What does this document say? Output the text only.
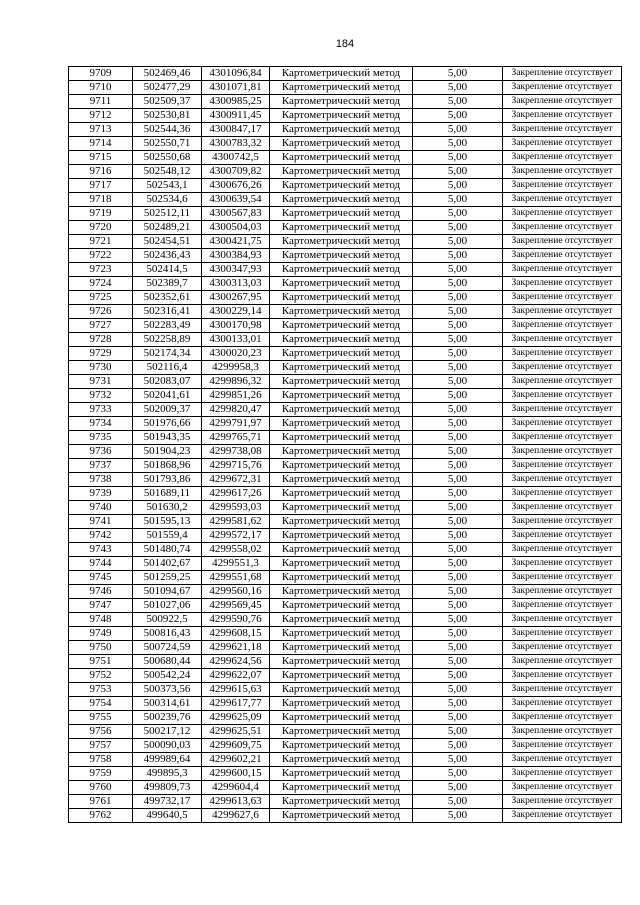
184
9709	502469,46	4301096,84	Картометрический метод	5,00	Закрепление отсутствует
9710	502477,29	4301071,81	Картометрический метод	5,00	Закрепление отсутствует
9711	502509,37	4300985,25	Картометрический метод	5,00	Закрепление отсутствует
9712	502530,81	4300911,45	Картометрический метод	5,00	Закрепление отсутствует
9713	502544,36	4300847,17	Картометрический метод	5,00	Закрепление отсутствует
9714	502550,71	4300783,32	Картометрический метод	5,00	Закрепление отсутствует
9715	502550,68	4300742,5	Картометрический метод	5,00	Закрепление отсутствует
9716	502548,12	4300709,82	Картометрический метод	5,00	Закрепление отсутствует
9717	502543,1	4300676,26	Картометрический метод	5,00	Закрепление отсутствует
9718	502534,6	4300639,54	Картометрический метод	5,00	Закрепление отсутствует
9719	502512,11	4300567,83	Картометрический метод	5,00	Закрепление отсутствует
9720	502489,21	4300504,03	Картометрический метод	5,00	Закрепление отсутствует
9721	502454,51	4300421,75	Картометрический метод	5,00	Закрепление отсутствует
9722	502436,43	4300384,93	Картометрический метод	5,00	Закрепление отсутствует
9723	502414,5	4300347,93	Картометрический метод	5,00	Закрепление отсутствует
9724	502389,7	4300313,03	Картометрический метод	5,00	Закрепление отсутствует
9725	502352,61	4300267,95	Картометрический метод	5,00	Закрепление отсутствует
9726	502316,41	4300229,14	Картометрический метод	5,00	Закрепление отсутствует
9727	502283,49	4300170,98	Картометрический метод	5,00	Закрепление отсутствует
9728	502258,89	4300133,01	Картометрический метод	5,00	Закрепление отсутствует
9729	502174,34	4300020,23	Картометрический метод	5,00	Закрепление отсутствует
9730	502116,4	4299958,3	Картометрический метод	5,00	Закрепление отсутствует
9731	502083,07	4299896,32	Картометрический метод	5,00	Закрепление отсутствует
9732	502041,61	4299851,26	Картометрический метод	5,00	Закрепление отсутствует
9733	502009,37	4299820,47	Картометрический метод	5,00	Закрепление отсутствует
9734	501976,66	4299791,97	Картометрический метод	5,00	Закрепление отсутствует
9735	501943,35	4299765,71	Картометрический метод	5,00	Закрепление отсутствует
9736	501904,23	4299738,08	Картометрический метод	5,00	Закрепление отсутствует
9737	501868,96	4299715,76	Картометрический метод	5,00	Закрепление отсутствует
9738	501793,86	4299672,31	Картометрический метод	5,00	Закрепление отсутствует
9739	501689,11	4299617,26	Картометрический метод	5,00	Закрепление отсутствует
9740	501630,2	4299593,03	Картометрический метод	5,00	Закрепление отсутствует
9741	501595,13	4299581,62	Картометрический метод	5,00	Закрепление отсутствует
9742	501559,4	4299572,17	Картометрический метод	5,00	Закрепление отсутствует
9743	501480,74	4299558,02	Картометрический метод	5,00	Закрепление отсутствует
9744	501402,67	4299551,3	Картометрический метод	5,00	Закрепление отсутствует
9745	501259,25	4299551,68	Картометрический метод	5,00	Закрепление отсутствует
9746	501094,67	4299560,16	Картометрический метод	5,00	Закрепление отсутствует
9747	501027,06	4299569,45	Картометрический метод	5,00	Закрепление отсутствует
9748	500922,5	4299590,76	Картометрический метод	5,00	Закрепление отсутствует
9749	500816,43	4299608,15	Картометрический метод	5,00	Закрепление отсутствует
9750	500724,59	4299621,18	Картометрический метод	5,00	Закрепление отсутствует
9751	500680,44	4299624,56	Картометрический метод	5,00	Закрепление отсутствует
9752	500542,24	4299622,07	Картометрический метод	5,00	Закрепление отсутствует
9753	500373,56	4299615,63	Картометрический метод	5,00	Закрепление отсутствует
9754	500314,61	4299617,77	Картометрический метод	5,00	Закрепление отсутствует
9755	500239,76	4299625,09	Картометрический метод	5,00	Закрепление отсутствует
9756	500217,12	4299625,51	Картометрический метод	5,00	Закрепление отсутствует
9757	500090,03	4299609,75	Картометрический метод	5,00	Закрепление отсутствует
9758	499989,64	4299602,21	Картометрический метод	5,00	Закрепление отсутствует
9759	499895,3	4299600,15	Картометрический метод	5,00	Закрепление отсутствует
9760	499809,73	4299604,4	Картометрический метод	5,00	Закрепление отсутствует
9761	499732,17	4299613,63	Картометрический метод	5,00	Закрепление отсутствует
9762	499640,5	4299627,6	Картометрический метод	5,00	Закрепление отсутствует
